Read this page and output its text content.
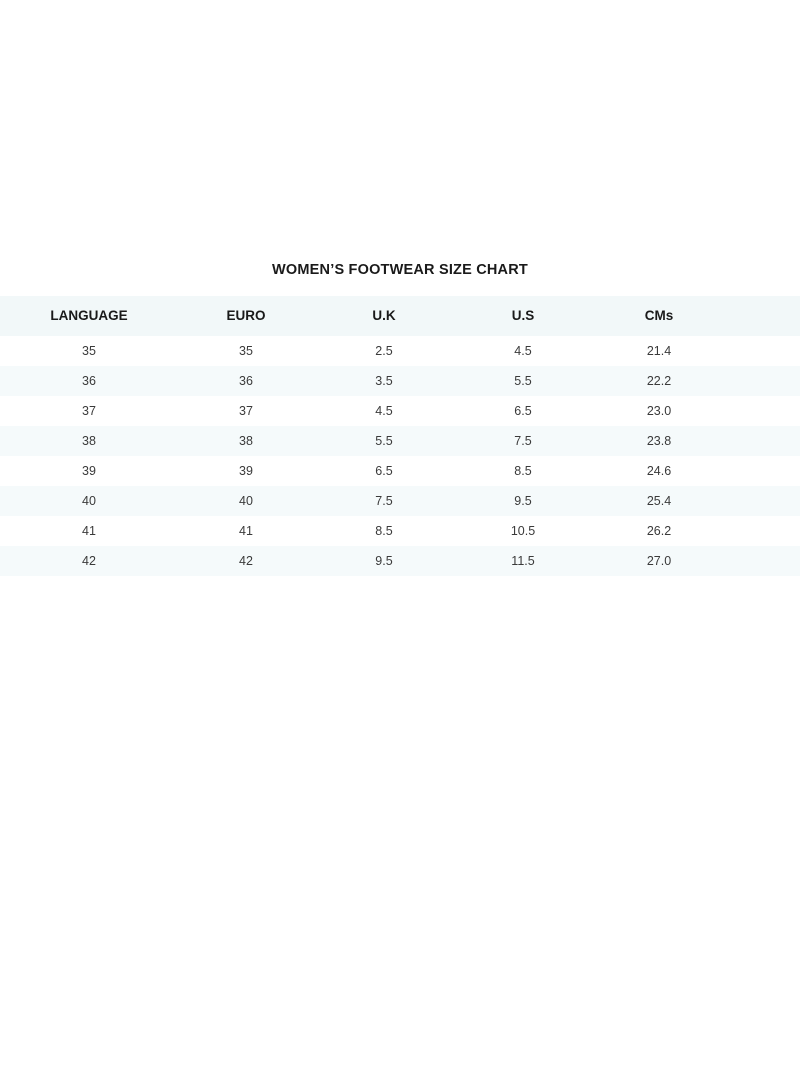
WOMEN’S FOOTWEAR SIZE CHART
LANGUAGE	EURO	U.K	U.S	CMs	
35	35	2.5	4.5	21.4	
36	36	3.5	5.5	22.2	
37	37	4.5	6.5	23.0	
38	38	5.5	7.5	23.8	
39	39	6.5	8.5	24.6	
40	40	7.5	9.5	25.4	
41	41	8.5	10.5	26.2	
42	42	9.5	11.5	27.0	
